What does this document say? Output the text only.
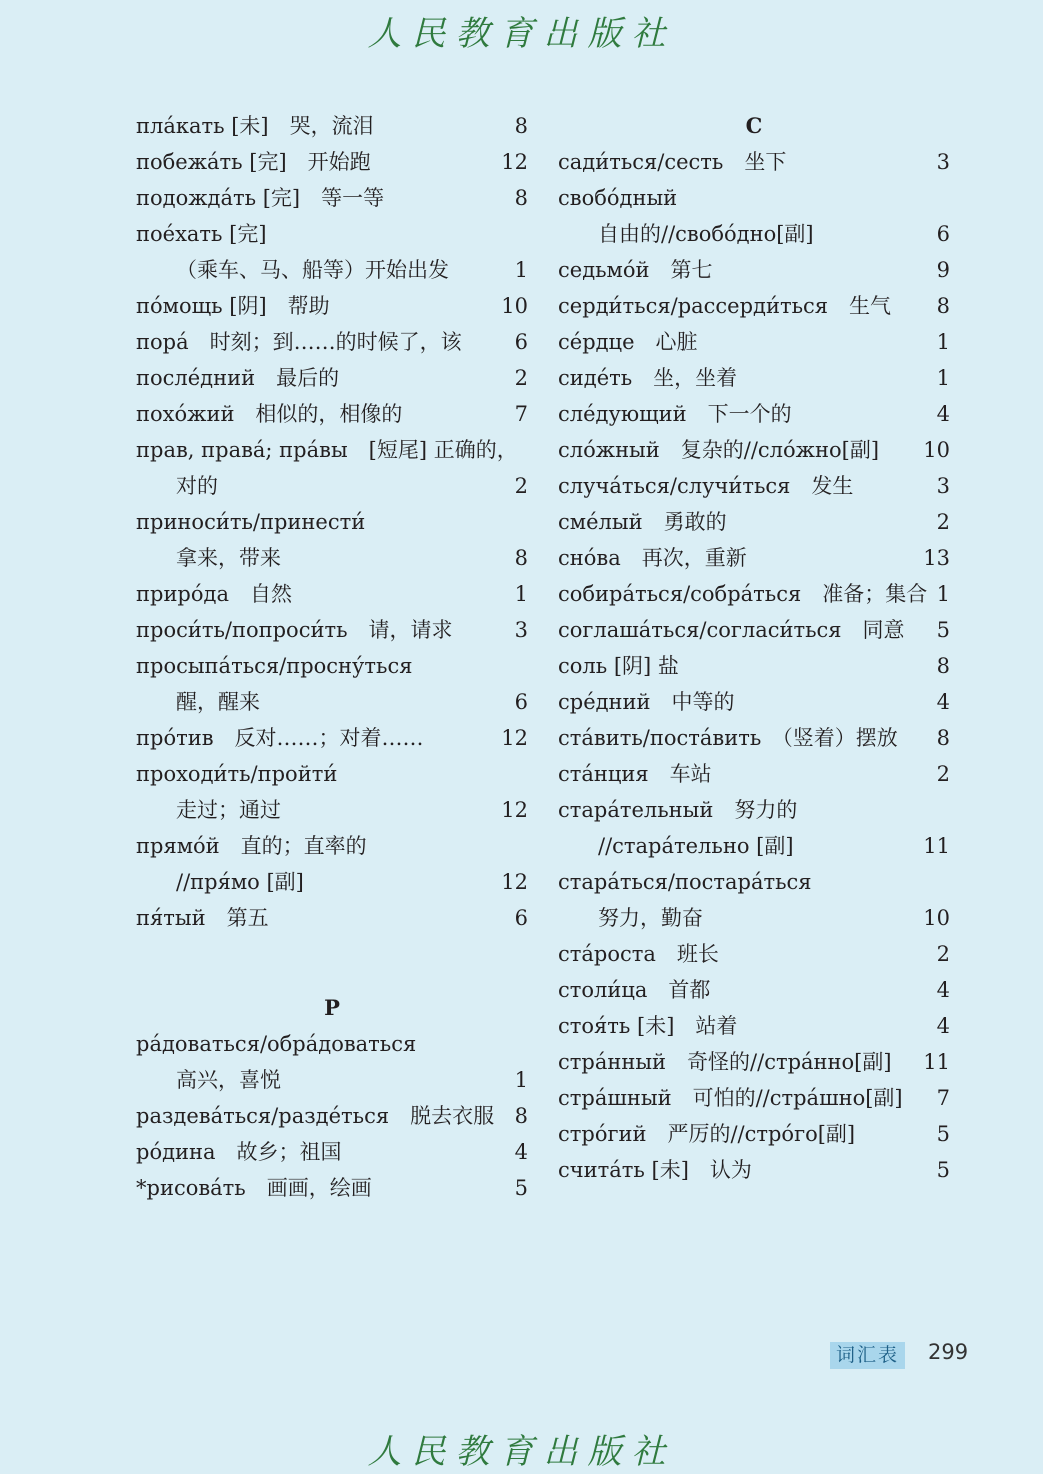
人民教育出版社
пла́кать [未]　哭，流泪	8
побежа́ть [完]　开始跑	12
подожда́ть [完]　等一等	8
пое́хать [完]
（乘车、马、船等）开始出发	1
по́мощь [阴]　帮助	10
пора́　时刻；到……的时候了，该	6
после́дний　最后的	2
похо́жий　相似的，相像的	7
прав, права́; пра́вы　[短尾] 正确的，
对的	2
приноси́ть/принести́
拿来，带来	8
приро́да　自然	1
проси́ть/попроси́ть　请，请求	3
просыпа́ться/просну́ться
醒，醒来	6
про́тив　反对……；对着……	12
проходи́ть/пройти́
走过；通过	12
прямо́й　直的；直率的
//пря́мо [副]	12
пя́тый　第五	6
Р
ра́доваться/обра́доваться
高兴，喜悦	1
раздева́ться/разде́ться　脱去衣服 8
ро́дина　故乡；祖国	4
*рисова́ть　画画，绘画	5
С
сади́ться/сесть　坐下	3
свобо́дный
自由的//свобо́дно[副]	6
седьмо́й　第七	9
серди́ться/рассерди́ться　生气 8
се́рдце　心脏	1
сиде́ть　坐，坐着	1
сле́дующий　下一个的	4
сло́жный　复杂的//сло́жно[副] 10
случа́ться/случи́ться　发生	3
сме́лый　勇敢的	2
сно́ва　再次，重新	13
собира́ться/собра́ться　准备；集合 1
соглаша́ться/согласи́ться　同意 5
соль [阴] 盐	8
сре́дний　中等的	4
ста́вить/поста́вить　（竖着）摆放 8
ста́нция　车站	2
стара́тельный　努力的
//стара́тельно [副]	11
стара́ться/постара́ться
努力，勤奋	10
ста́роста　班长	2
столи́ца　首都	4
стоя́ть [未]　站着	4
стра́нный　奇怪的//стра́нно[副] 11
стра́шный　可怕的//стра́шно[副] 7
стро́гий　严厉的//стро́го[副]	5
счита́ть [未]　认为	5
词汇表 299
人民教育出版社
